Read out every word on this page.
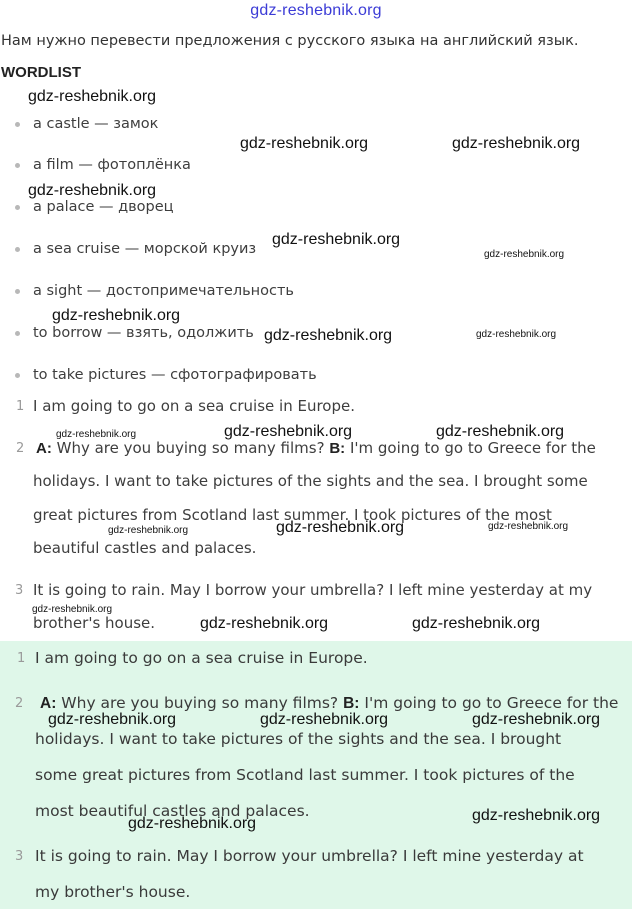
gdz-reshebnik.org
Нам нужно перевести предложения с русского языка на английский язык.
WORDLIST
a castle — замок
a film — фотоплёнка
a palace — дворец
a sea cruise — морской круиз
a sight — достопримечательность
to borrow — взять, одолжить
to take pictures — сфотографировать
1 I am going to go on a sea cruise in Europe.
2 A: Why are you buying so many films? B: I'm going to go to Greece for the
holidays. I want to take pictures of the sights and the sea. I brought some
great pictures from Scotland last summer. I took pictures of the most
beautiful castles and palaces.
3 It is going to rain. May I borrow your umbrella? I left mine yesterday at my
brother's house.
1 I am going to go on a sea cruise in Europe.
2 A: Why are you buying so many films? B: I'm going to go to Greece for the
holidays. I want to take pictures of the sights and the sea. I brought
some great pictures from Scotland last summer. I took pictures of the
most beautiful castles and palaces.
3 It is going to rain. May I borrow your umbrella? I left mine yesterday at
my brother's house.
gdz-reshebnik.org
gdz-reshebnik.org	gdz-reshebnik.org
gdz-reshebnik.org
gdz-reshebnik.org
gdz-reshebnik.org
gdz-reshebnik.org
gdz-reshebnik.org	gdz-reshebnik.org
gdz-reshebnik.org	gdz-reshebnik.org	gdz-reshebnik.org
gdz-reshebnik.org	gdz-reshebnik.org	gdz-reshebnik.org
gdz-reshebnik.org
gdz-reshebnik.org	gdz-reshebnik.org
gdz-reshebnik.org	gdz-reshebnik.org	gdz-reshebnik.org
gdz-reshebnik.org	gdz-reshebnik.org
